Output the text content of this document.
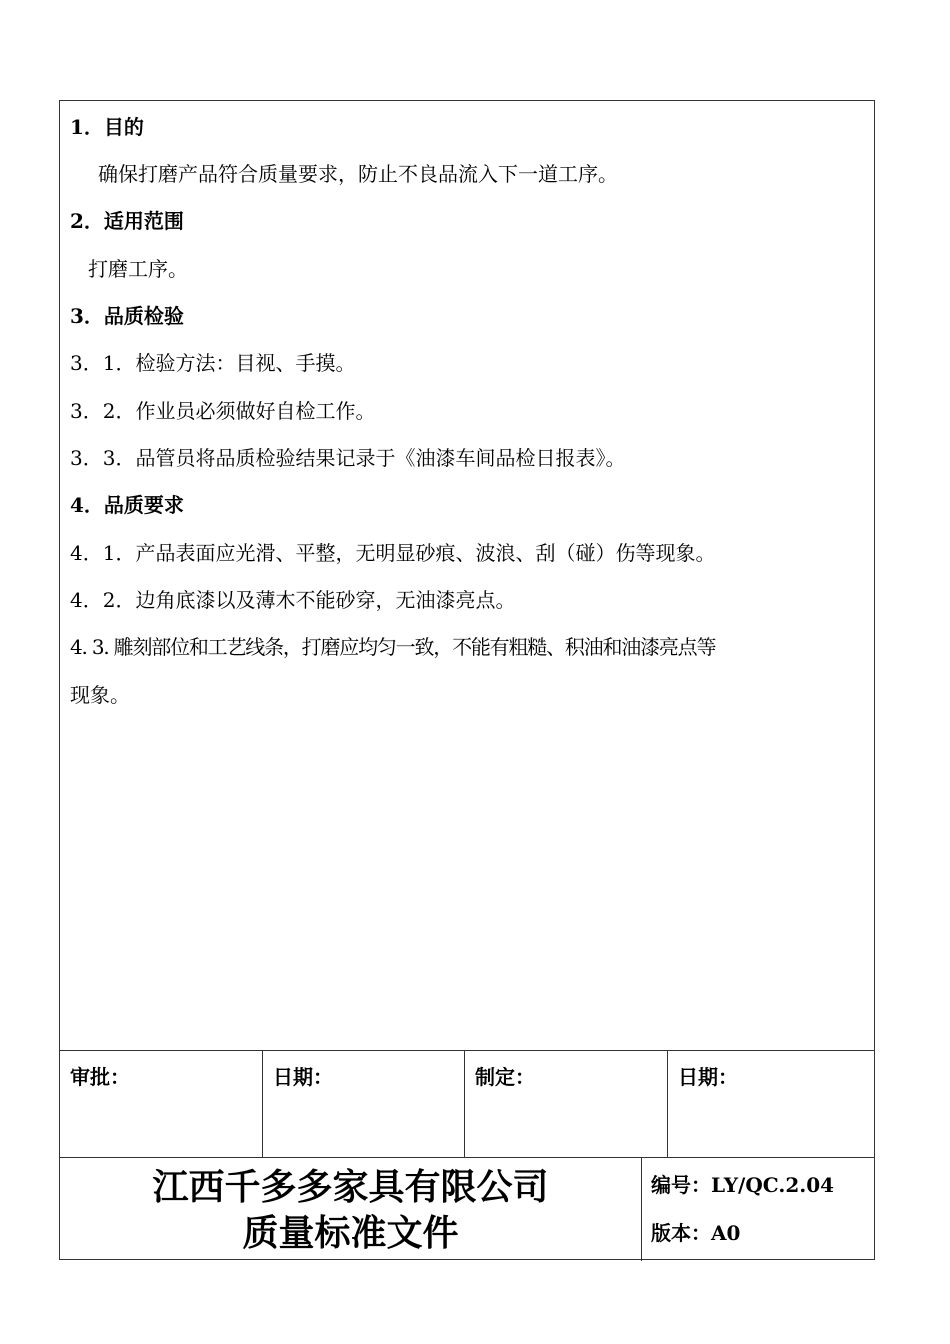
1．目的
确保打磨产品符合质量要求，防止不良品流入下一道工序。
2．适用范围
打磨工序。
3．品质检验
3．1．检验方法：目视、手摸。
3．2．作业员必须做好自检工作。
3．3．品管员将品质检验结果记录于《油漆车间品检日报表》。
4．品质要求
4．1．产品表面应光滑、平整，无明显砂痕、波浪、刮（碰）伤等现象。
4．2．边角底漆以及薄木不能砂穿，无油漆亮点。
4. 3. 雕刻部位和工艺线条，打磨应均匀一致，不能有粗糙、积油和油漆亮点等
现象。
审批：	日期：	制定：	日期：
江西千多多家具有限公司
质量标准文件
编号：LY/QC.2.04
版本：A0
